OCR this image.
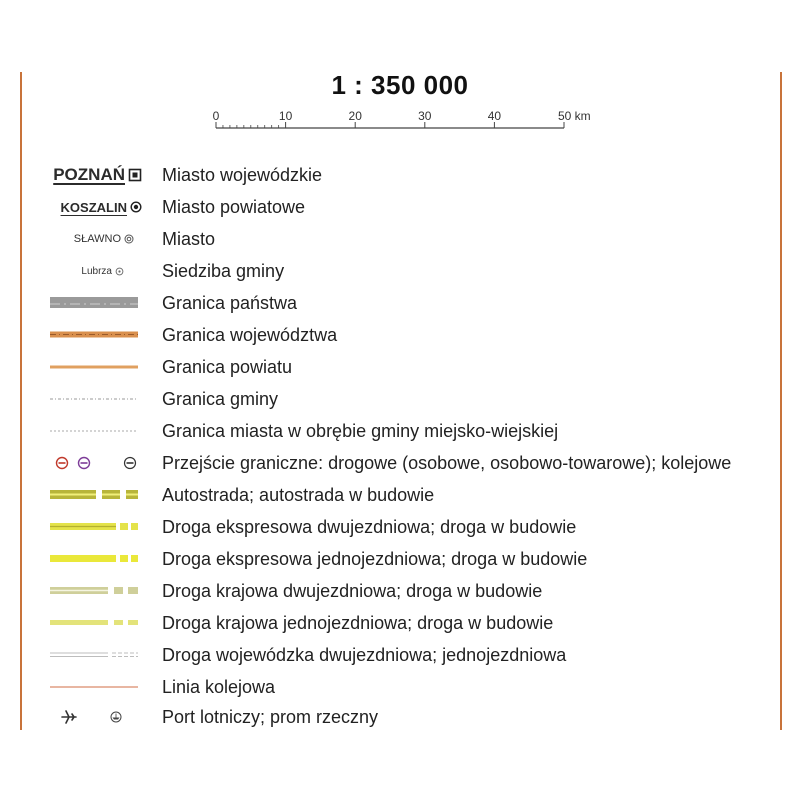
1 : 350 000
0	10	20	30	40	50 km
POZNAŃ Miasto wojewódzkie
KOSZALIN Miasto powiatowe
SŁAWNO Miasto
Lubrza	Siedziba gminy
Granica państwa
Granica województwa
Granica powiatu
Granica gminy
Granica miasta w obrębie gminy miejsko-wiejskiej
Przejście graniczne: drogowe (osobowe, osobowo-towarowe); kolejowe
Autostrada; autostrada w budowie
Droga ekspresowa dwujezdniowa; droga w budowie
Droga ekspresowa jednojezdniowa; droga w budowie
Droga krajowa dwujezdniowa; droga w budowie
Droga krajowa jednojezdniowa; droga w budowie
Droga wojewódzka dwujezdniowa; jednojezdniowa
Linia kolejowa
Port lotniczy; prom rzeczny
